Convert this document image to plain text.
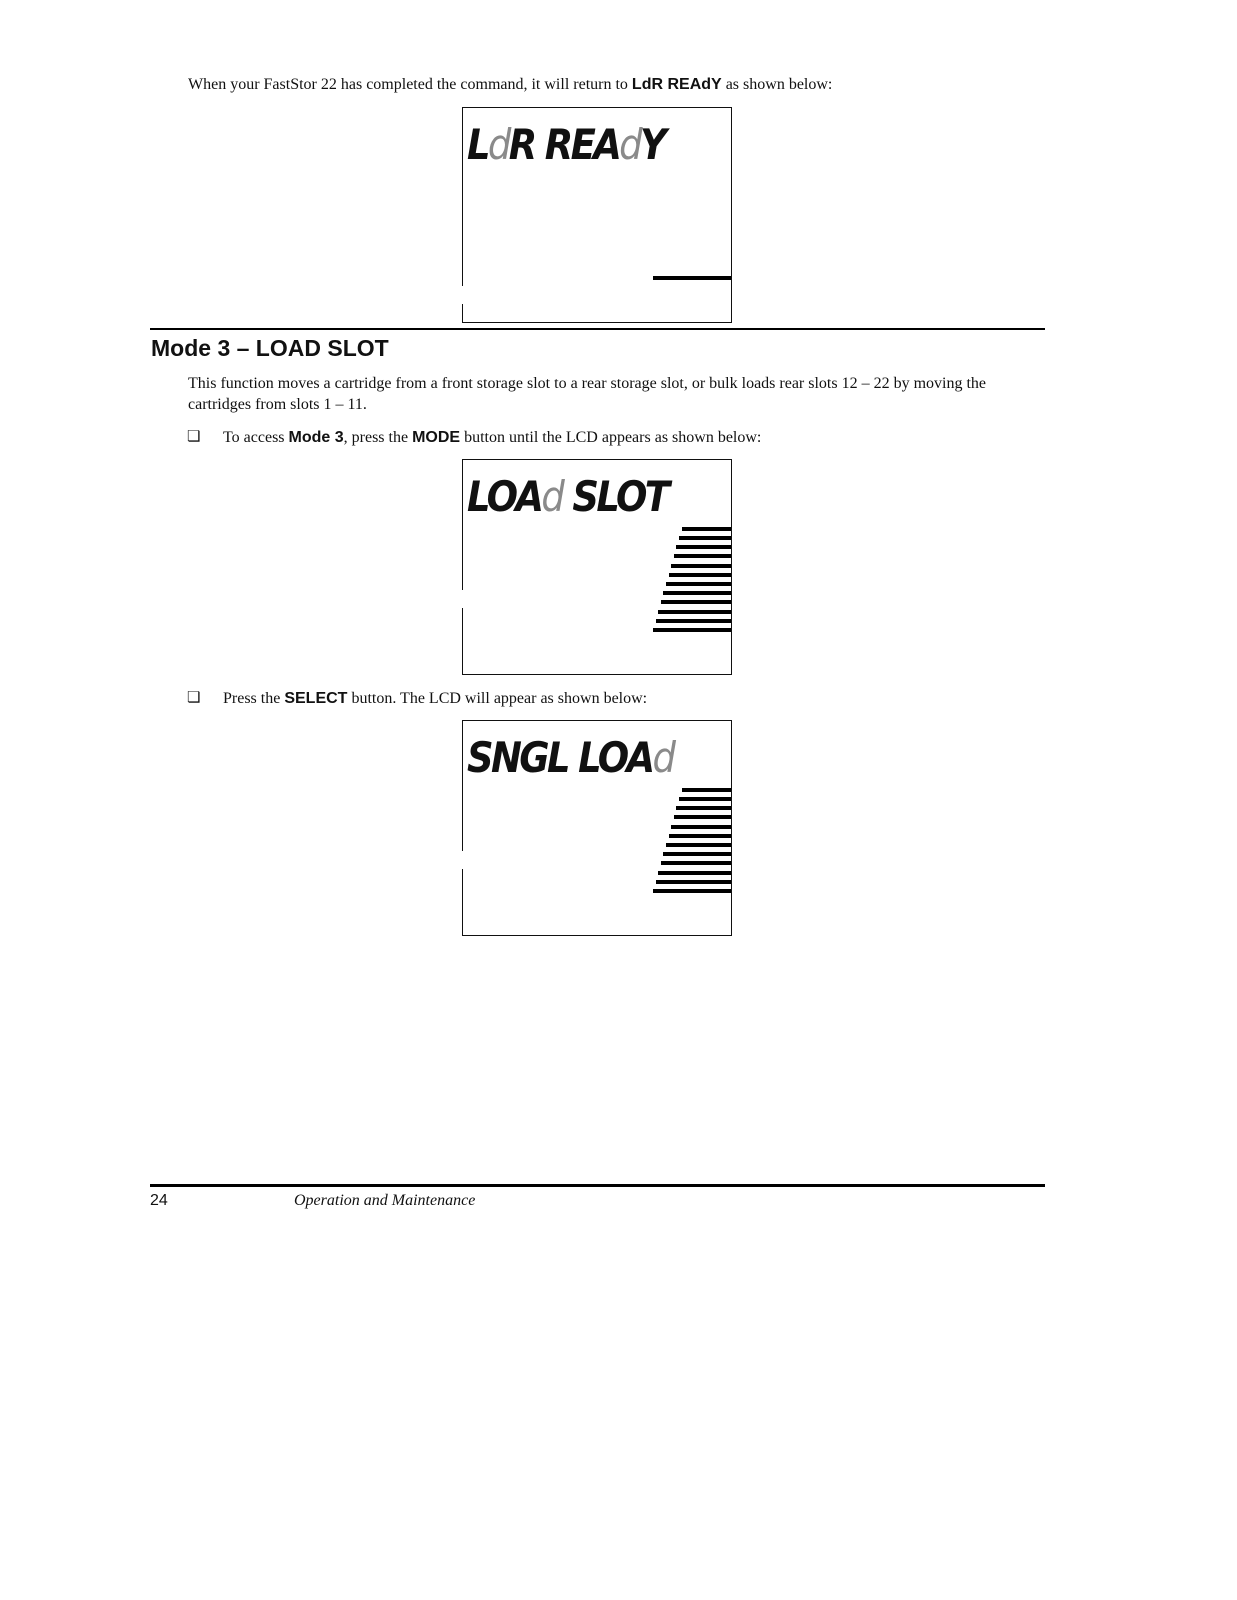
When your FastStor 22 has completed the command, it will return to LdR REAdY as shown below:

LdR REAdY
Mode 3 – LOAD SLOT

This function moves a cartridge from a front storage slot to a rear storage slot, or bulk loads rear slots 12 – 22 by moving the cartridges from slots 1 – 11.

❏ To access Mode 3, press the MODE button until the LCD appears as shown below:

LOAd SLOT
❏ Press the SELECT button. The LCD will appear as shown below:

SNGL LOAd
24	Operation and Maintenance
